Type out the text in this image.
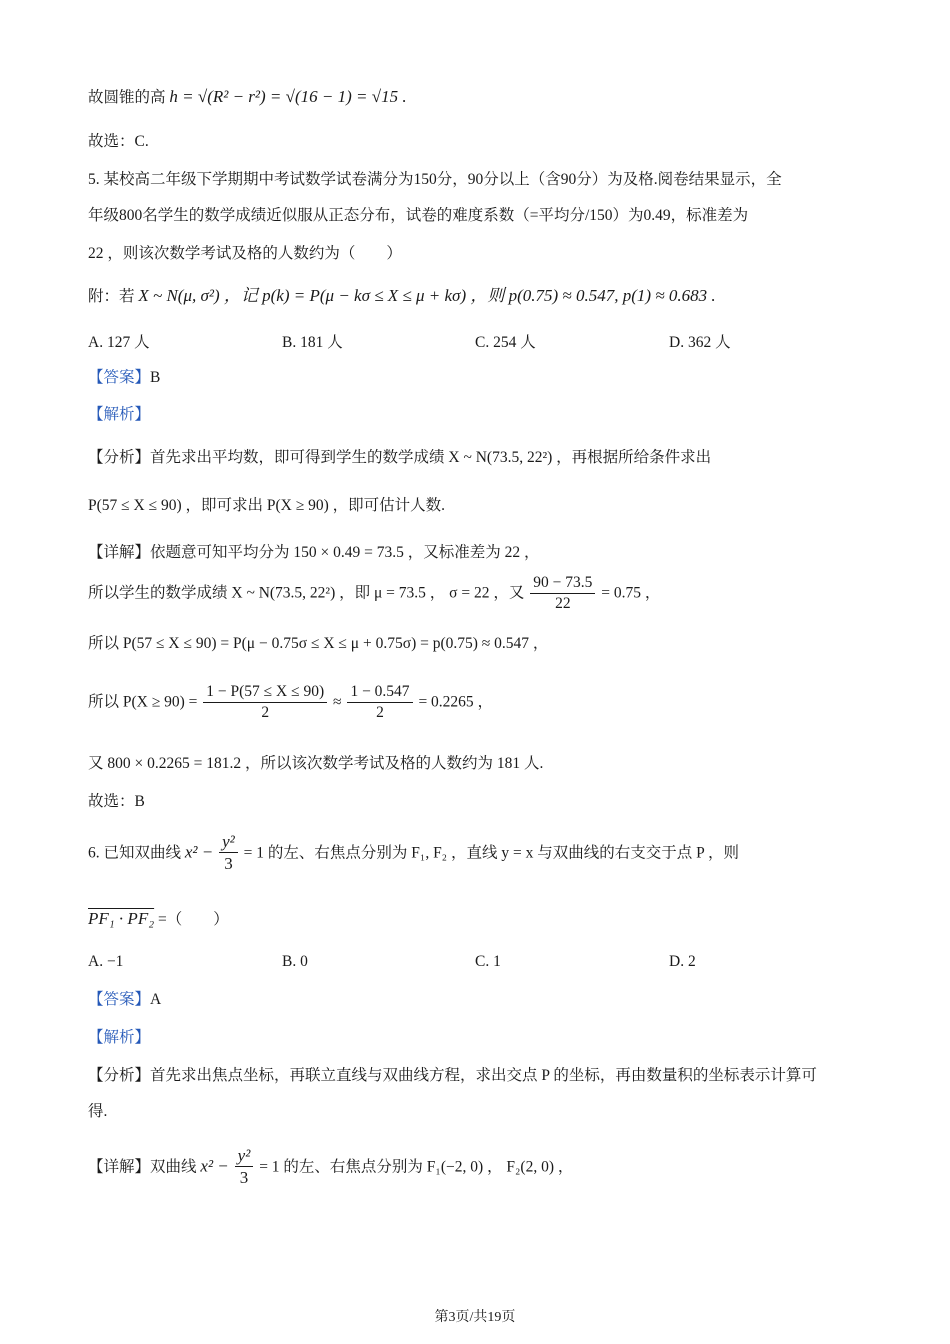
故圆锥的高 h = √(R² − r²) = √(16 − 1) = √15 .
故选：C.
5. 某校高二年级下学期期中考试数学试卷满分为150分，90分以上（含90分）为及格.阅卷结果显示，全
年级800名学生的数学成绩近似服从正态分布，试卷的难度系数（=平均分/150）为0.49，标准差为
22 ，则该次数学考试及格的人数约为（　　）
附：若 X ~ N(μ, σ²) ，记 p(k) = P(μ − kσ ≤ X ≤ μ + kσ) ，则 p(0.75) ≈ 0.547, p(1) ≈ 0.683 .
A. 127 人	B. 181 人	C. 254 人	D. 362 人
【答案】B
【解析】
【分析】首先求出平均数，即可得到学生的数学成绩 X ~ N(73.5, 22²) ，再根据所给条件求出
P(57 ≤ X ≤ 90) ，即可求出 P(X ≥ 90) ，即可估计人数.
【详解】依题意可知平均分为 150 × 0.49 = 73.5 ，又标准差为 22 ，
所以学生的数学成绩 X ~ N(73.5, 22²) ，即 μ = 73.5 ， σ = 22 ，又 $\frac{90 - 73.5}{22} = 0.75$ ，
所以 P(57 ≤ X ≤ 90) = P(μ − 0.75σ ≤ X ≤ μ + 0.75σ) = p(0.75) ≈ 0.547 ，
所以 $P(X \ge 90) = \frac{1 - P(57 \le X \le 90)}{2} \approx \frac{1 - 0.547}{2} = 0.2265$ ，
又 800 × 0.2265 = 181.2 ，所以该次数学考试及格的人数约为 181 人.
故选：B
6. 已知双曲线 $x^2 - \frac{\text{y²}}{3} = 1$ 的左、右焦点分别为 F₁, F₂ ，直线 y = x 与双曲线的右支交于点 P ，则
PF₁ · PF₂ =（　　）
A. −1	B. 0	C. 1	D. 2
【答案】A
【解析】
【分析】首先求出焦点坐标，再联立直线与双曲线方程，求出交点 P 的坐标，再由数量积的坐标表示计算可
得.
【详解】双曲线 $x^2 - \frac{\text{y²}}{3} = 1$ 的左、右焦点分别为 F₁(−2, 0) ， F₂(2, 0) ，
第3页/共19页
